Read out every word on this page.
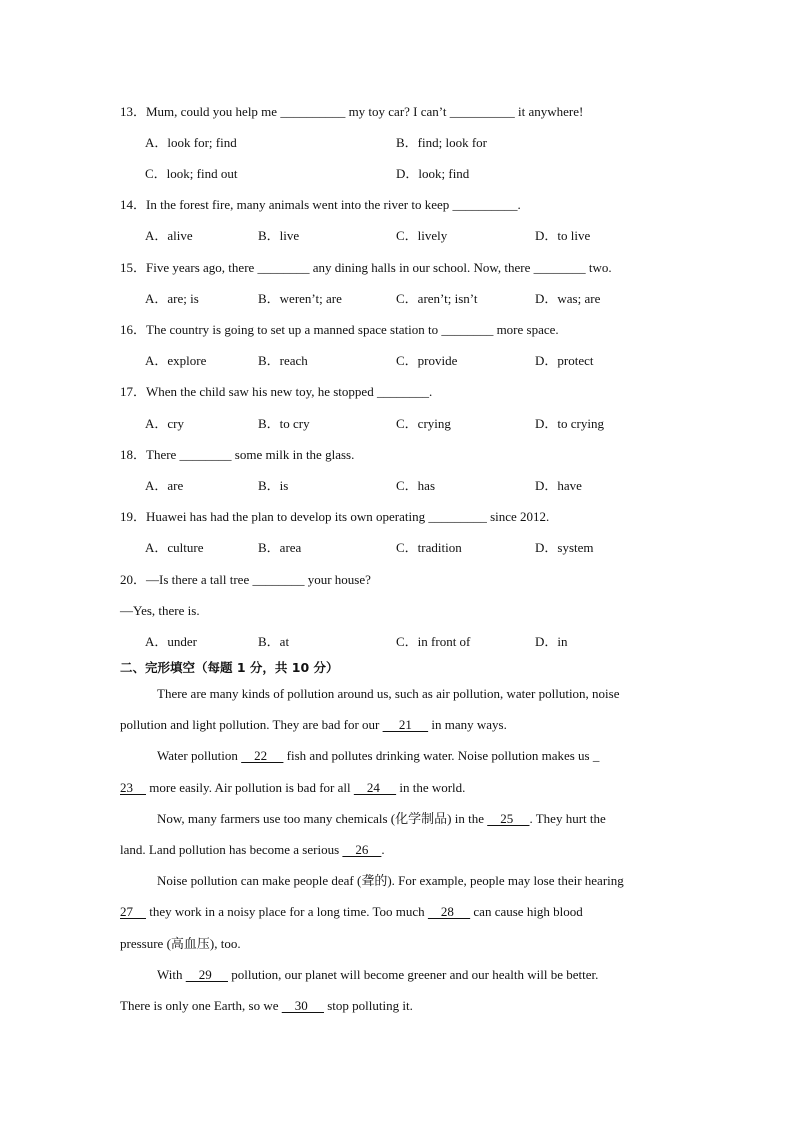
13．Mum, could you help me __________ my toy car? I can’t __________ it anywhere!
A．look for; find	B．find; look for
C．look; find out	D．look; find
14．In the forest fire, many animals went into the river to keep __________.
A．alive	B．live	C．lively	D．to live
15．Five years ago, there ________ any dining halls in our school. Now, there ________ two.
A．are; is	B．weren’t; are	C．aren’t; isn’t	D．was; are
16．The country is going to set up a manned space station to ________ more space.
A．explore	B．reach	C．provide	D．protect
17．When the child saw his new toy, he stopped ________.
A．cry	B．to cry	C．crying	D．to crying
18．There ________ some milk in the glass.
A．are	B．is	C．has	D．have
19．Huawei has had the plan to develop its own operating _________ since 2012.
A．culture	B．area	C．tradition	D．system
20．—Is there a tall tree ________ your house?
—Yes, there is.
A．under	B．at	C．in front of	D．in
二、完形填空（每题 1 分，共 10 分）
There are many kinds of pollution around us, such as air pollution, water pollution, noise
pollution and light pollution. They are bad for our      21      in many ways.
Water pollution     22      fish and pollutes drinking water. Noise pollution makes us _
23     more easily. Air pollution is bad for all     24      in the world.
Now, many farmers use too many chemicals (化学制品) in the     25     . They hurt the
land. Land pollution has become a serious     26    .
Noise pollution can make people deaf (聋的). For example, people may lose their hearing
27     they work in a noisy place for a long time. Too much     28      can cause high blood
pressure (高血压), too.
With     29      pollution, our planet will become greener and our health will be better.
There is only one Earth, so we     30      stop polluting it.
